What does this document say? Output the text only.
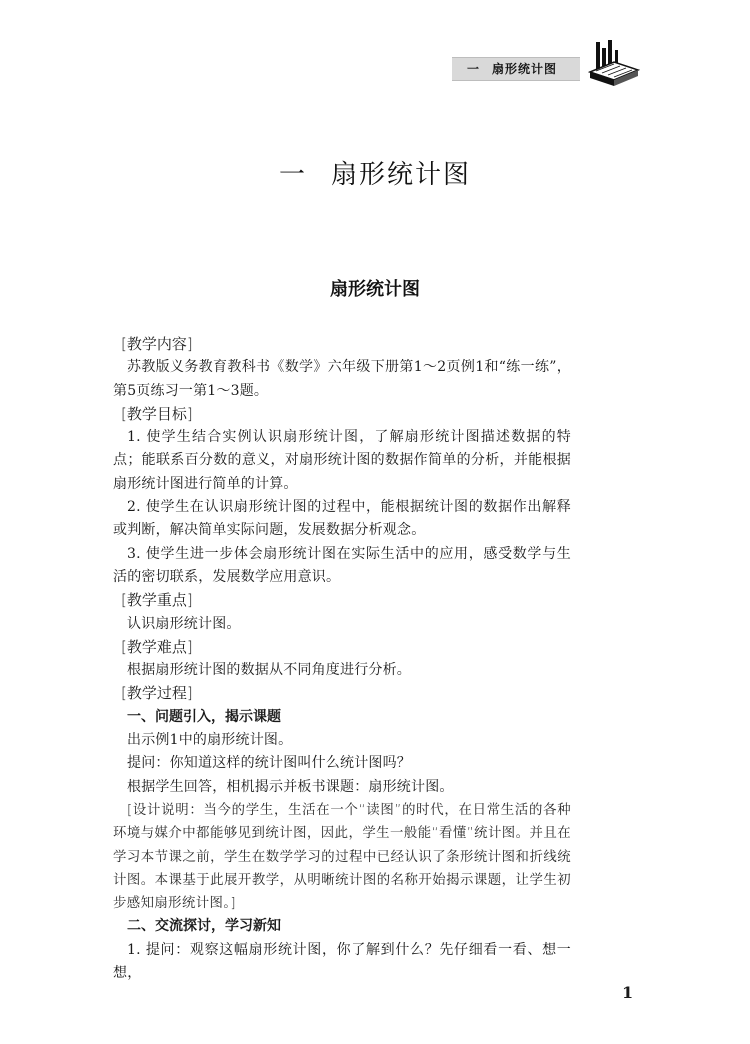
一 扇形统计图
一 扇形统计图
扇形统计图

[教学内容]

苏教版义务教育教科书《数学》六年级下册第1～2页例1和“练一练”，第5页练习一第1～3题。

[教学目标]

1. 使学生结合实例认识扇形统计图，了解扇形统计图描述数据的特点；能联系百分数的意义，对扇形统计图的数据作简单的分析，并能根据扇形统计图进行简单的计算。

2. 使学生在认识扇形统计图的过程中，能根据统计图的数据作出解释或判断，解决简单实际问题，发展数据分析观念。

3. 使学生进一步体会扇形统计图在实际生活中的应用，感受数学与生活的密切联系，发展数学应用意识。

[教学重点]

认识扇形统计图。

[教学难点]

根据扇形统计图的数据从不同角度进行分析。

[教学过程]

一、问题引入，揭示课题

出示例1中的扇形统计图。

提问：你知道这样的统计图叫什么统计图吗？

根据学生回答，相机揭示并板书课题：扇形统计图。

[设计说明：当今的学生，生活在一个“读图”的时代，在日常生活的各种环境与媒介中都能够见到统计图，因此，学生一般能“看懂”统计图。并且在学习本节课之前，学生在数学学习的过程中已经认识了条形统计图和折线统计图。本课基于此展开教学，从明晰统计图的名称开始揭示课题，让学生初步感知扇形统计图。]

二、交流探讨，学习新知

1. 提问：观察这幅扇形统计图，你了解到什么？先仔细看一看、想一想，

1
